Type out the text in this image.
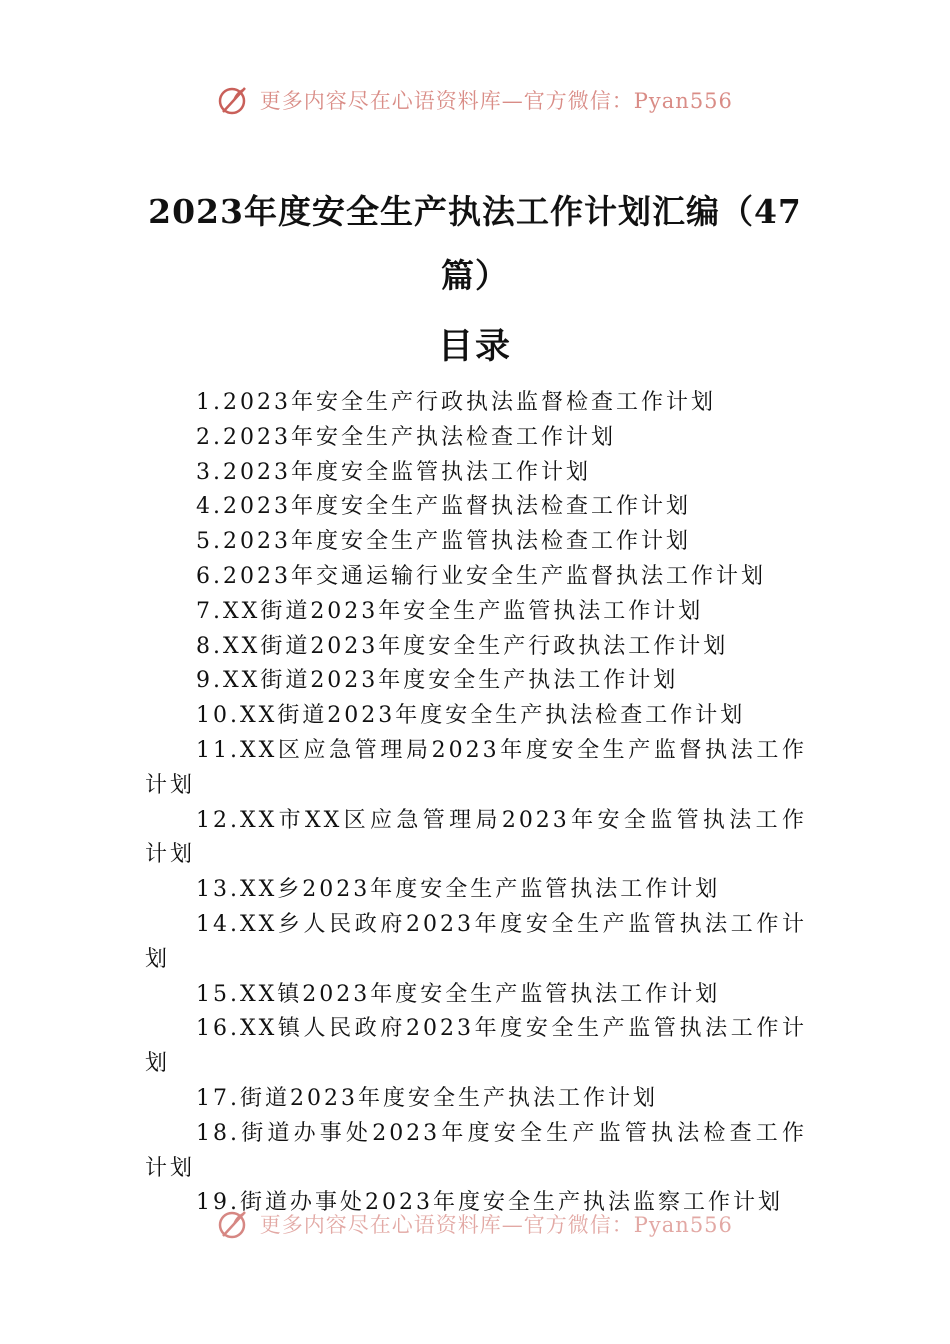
更多内容尽在心语资料库—官方微信：Pyan556
2023年度安全生产执法工作计划汇编（47篇）
目录
1.2023年安全生产行政执法监督检查工作计划
2.2023年安全生产执法检查工作计划
3.2023年度安全监管执法工作计划
4.2023年度安全生产监督执法检查工作计划
5.2023年度安全生产监管执法检查工作计划
6.2023年交通运输行业安全生产监督执法工作计划
7.XX街道2023年安全生产监管执法工作计划
8.XX街道2023年度安全生产行政执法工作计划
9.XX街道2023年度安全生产执法工作计划
10.XX街道2023年度安全生产执法检查工作计划
11.XX区应急管理局2023年度安全生产监督执法工作计划
12.XX市XX区应急管理局2023年安全监管执法工作计划
13.XX乡2023年度安全生产监管执法工作计划
14.XX乡人民政府2023年度安全生产监管执法工作计划
15.XX镇2023年度安全生产监管执法工作计划
16.XX镇人民政府2023年度安全生产监管执法工作计划
17.街道2023年度安全生产执法工作计划
18.街道办事处2023年度安全生产监管执法检查工作计划
19.街道办事处2023年度安全生产执法监察工作计划
更多内容尽在心语资料库—官方微信：Pyan556
